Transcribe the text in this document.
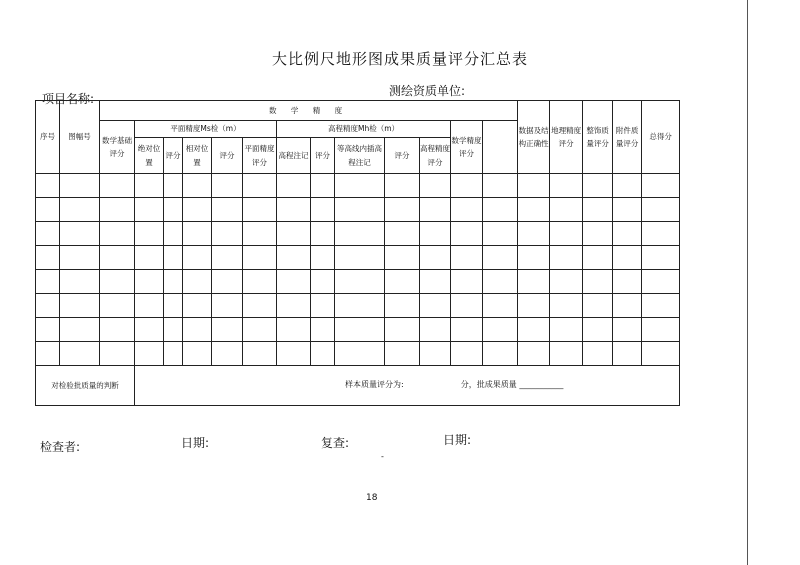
大比例尺地形图成果质量评分汇总表
项目名称:
测绘资质单位:
序号	图幅号	数 学 精 度													数据及结构正确性	地理精度评分	整饰质量评分	附件质量评分	总得分	
		数学基础评分	平面精度Ms检（m）					高程精度Mh检（m）					数学精度评分							
			绝对位置	评分	相对位置	评分	平面精度评分	高程注记	评分	等高线内插高程注记	评分	高程精度评分								

对检验批质量的判断			样本质量评分为: 分，批成果质量 ___________																	
检查者:	日期:	复查:	日期:
-
18
